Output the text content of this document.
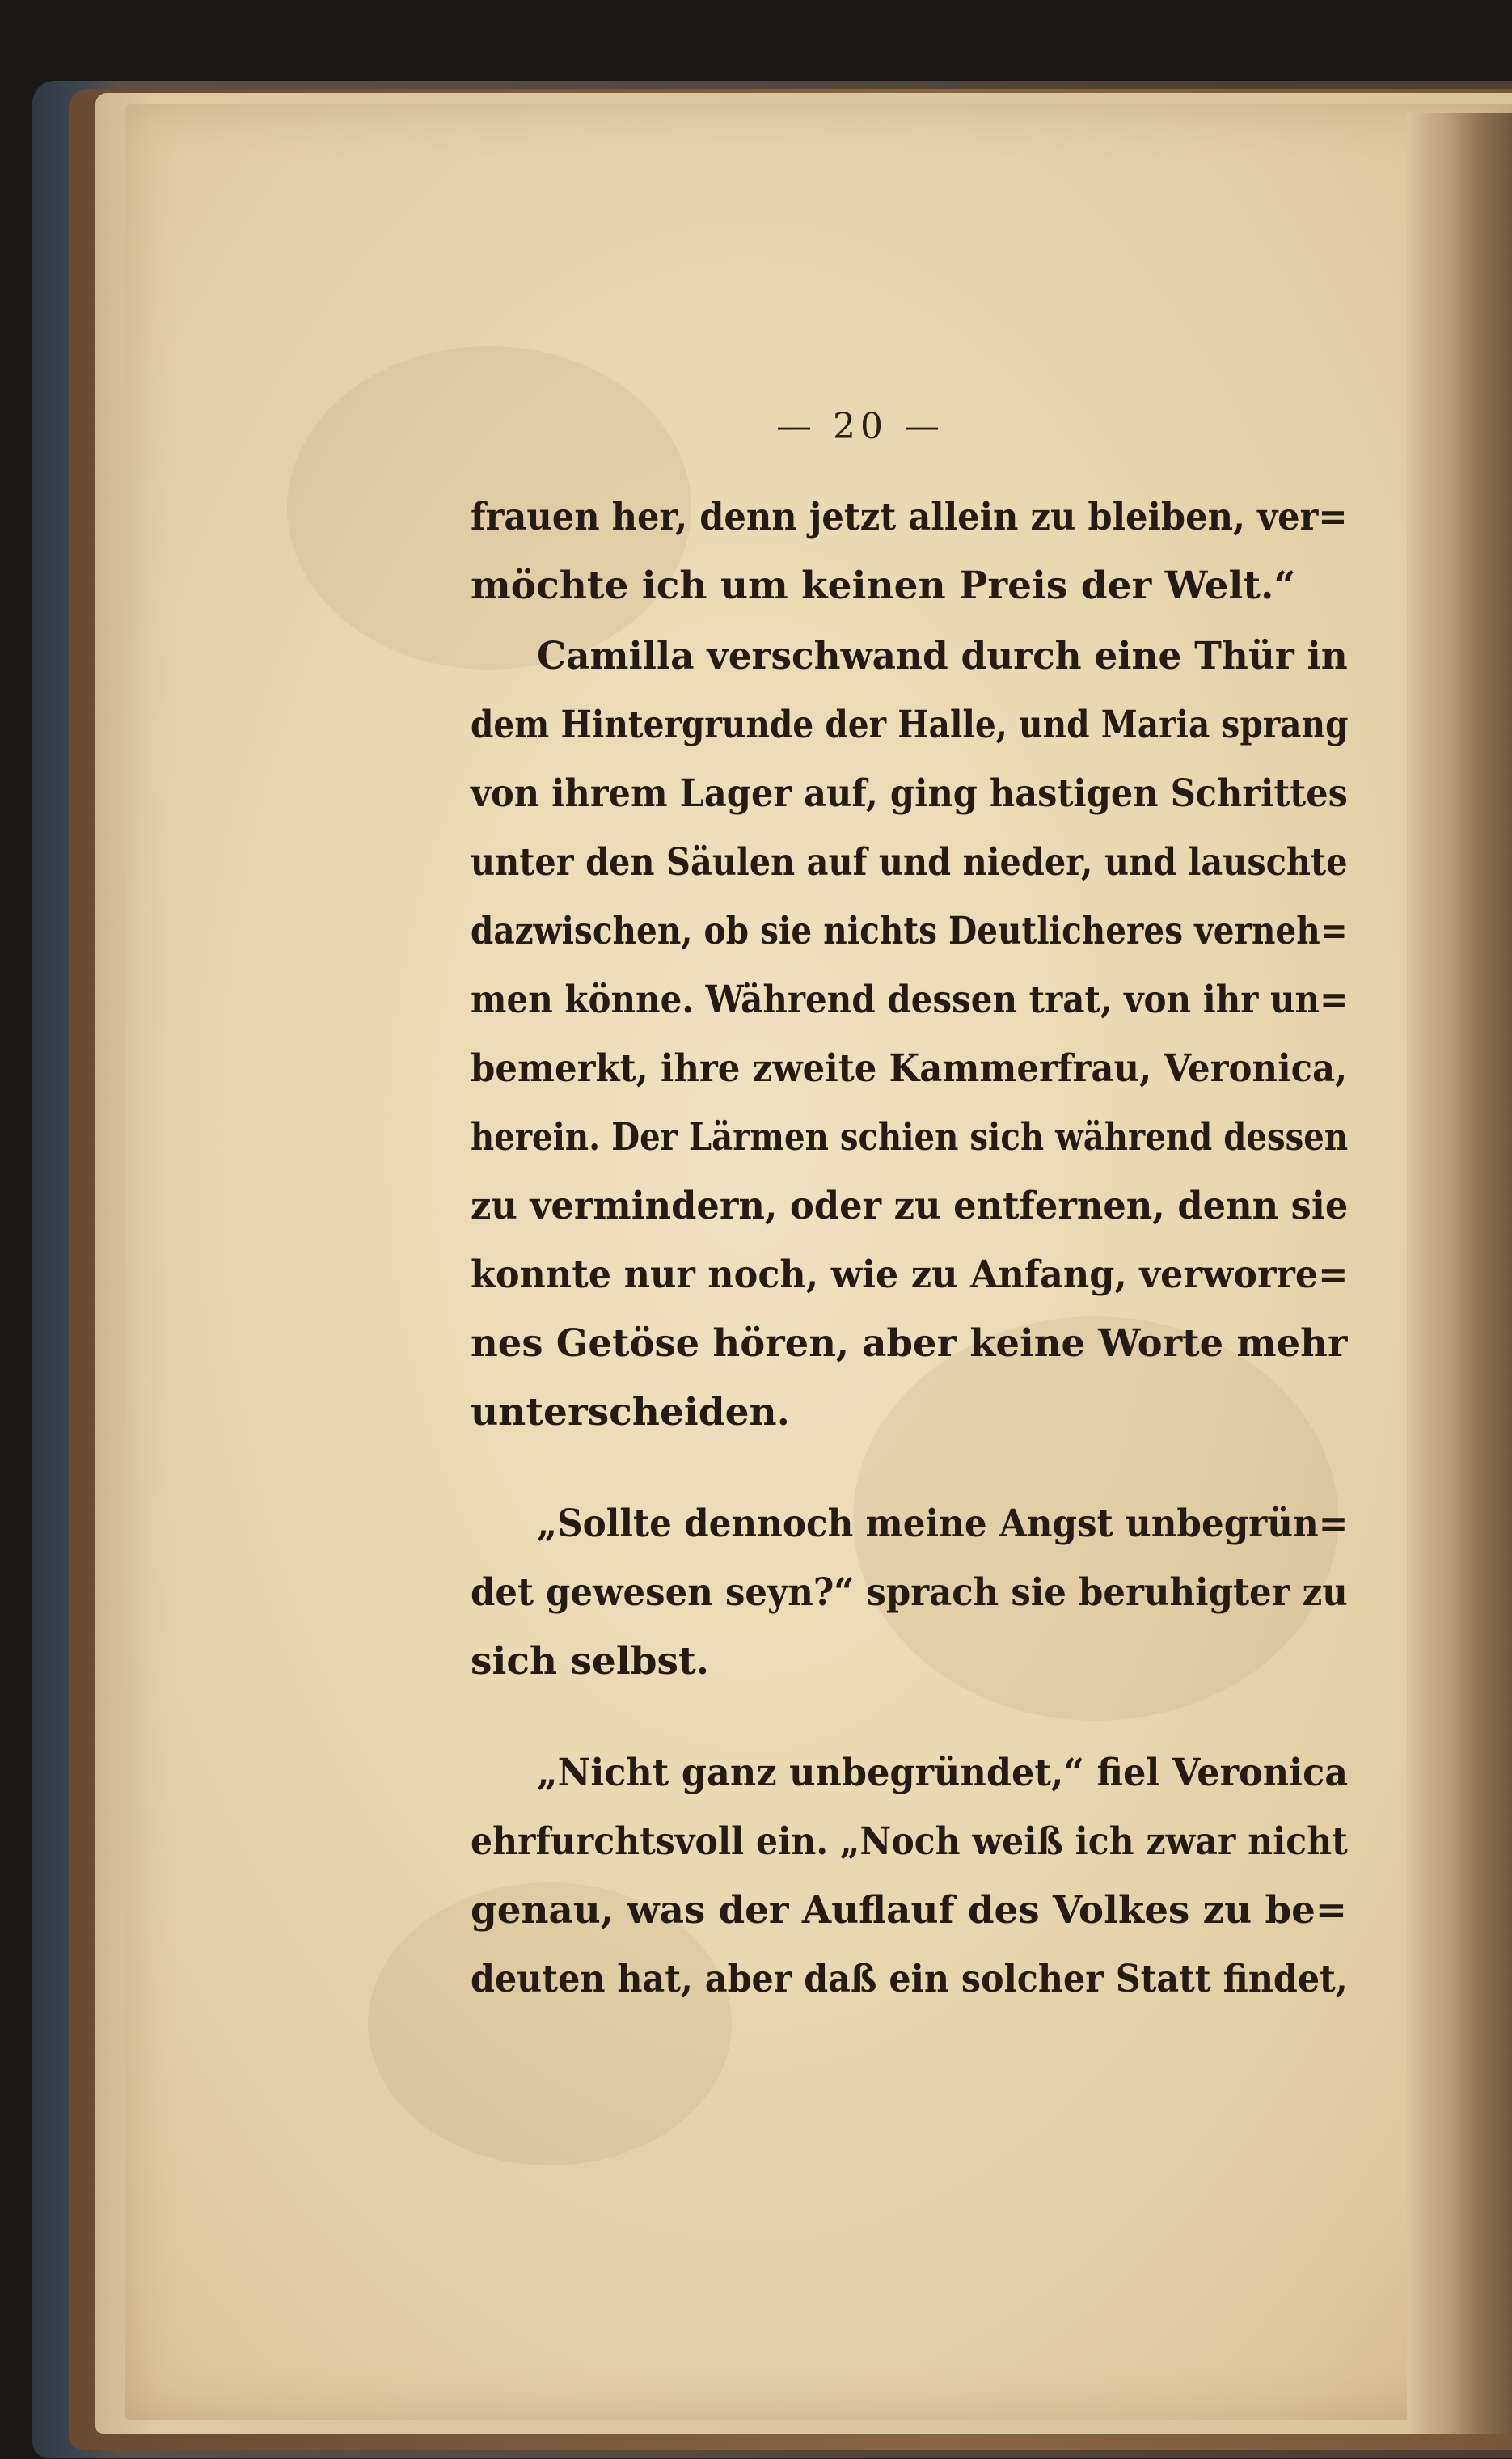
— 20 —
frauen her, denn jetzt allein zu bleiben, ver=
möchte ich um keinen Preis der Welt.“
Camilla verschwand durch eine Thür in
dem Hintergrunde der Halle, und Maria sprang
von ihrem Lager auf, ging hastigen Schrittes
unter den Säulen auf und nieder, und lauschte
dazwischen, ob sie nichts Deutlicheres verneh=
men könne. Während dessen trat, von ihr un=
bemerkt, ihre zweite Kammerfrau, Veronica,
herein. Der Lärmen schien sich während dessen
zu vermindern, oder zu entfernen, denn sie
konnte nur noch, wie zu Anfang, verworre=
nes Getöse hören, aber keine Worte mehr
unterscheiden.
„Sollte dennoch meine Angst unbegrün=
det gewesen seyn?“ sprach sie beruhigter zu
sich selbst.
„Nicht ganz unbegründet,“ fiel Veronica
ehrfurchtsvoll ein. „Noch weiß ich zwar nicht
genau, was der Auflauf des Volkes zu be=
deuten hat, aber daß ein solcher Statt findet,
